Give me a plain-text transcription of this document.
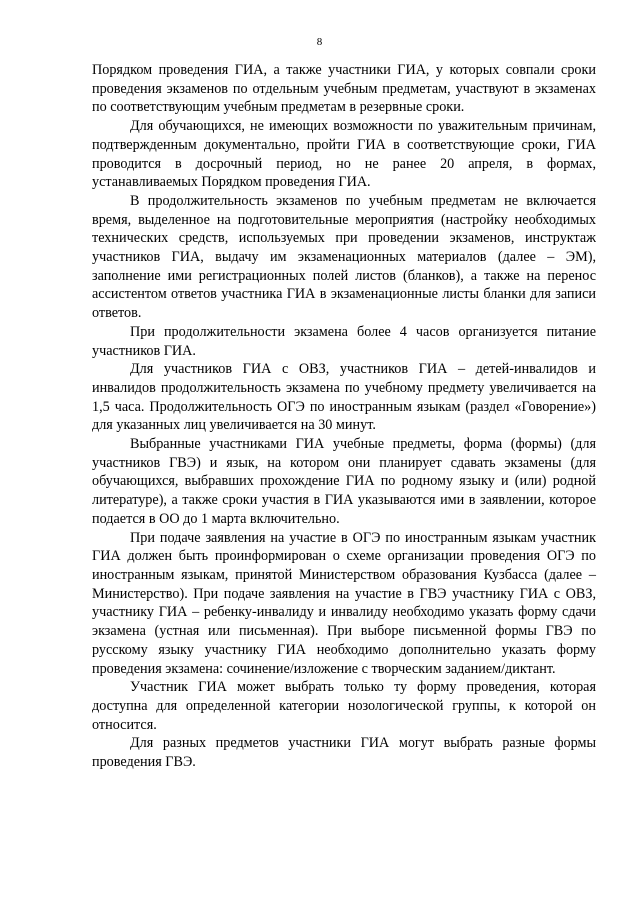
8

Порядком проведения ГИА, а также участники ГИА, у которых совпали сроки проведения экзаменов по отдельным учебным предметам, участвуют в экзаменах по соответствующим учебным предметам в резервные сроки.

Для обучающихся, не имеющих возможности по уважительным причинам, подтвержденным документально, пройти ГИА в соответствующие сроки, ГИА проводится в досрочный период, но не ранее 20 апреля, в формах, устанавливаемых Порядком проведения ГИА.

В продолжительность экзаменов по учебным предметам не включается время, выделенное на подготовительные мероприятия (настройку необходимых технических средств, используемых при проведении экзаменов, инструктаж участников ГИА, выдачу им экзаменационных материалов (далее – ЭМ), заполнение ими регистрационных полей листов (бланков), а также на перенос ассистентом ответов участника ГИА в экзаменационные листы бланки для записи ответов.

При продолжительности экзамена более 4 часов организуется питание участников ГИА.

Для участников ГИА с ОВЗ, участников ГИА – детей-инвалидов и инвалидов продолжительность экзамена по учебному предмету увеличивается на 1,5 часа. Продолжительность ОГЭ по иностранным языкам (раздел «Говорение») для указанных лиц увеличивается на 30 минут.

Выбранные участниками ГИА учебные предметы, форма (формы) (для участников ГВЭ) и язык, на котором они планирует сдавать экзамены (для обучающихся, выбравших прохождение ГИА по родному языку и (или) родной литературе), а также сроки участия в ГИА указываются ими в заявлении, которое подается в ОО до 1 марта включительно.

При подаче заявления на участие в ОГЭ по иностранным языкам участник ГИА должен быть проинформирован о схеме организации проведения ОГЭ по иностранным языкам, принятой Министерством образования Кузбасса (далее – Министерство). При подаче заявления на участие в ГВЭ участнику ГИА с ОВЗ, участнику ГИА – ребенку-инвалиду и инвалиду необходимо указать форму сдачи экзамена (устная или письменная). При выборе письменной формы ГВЭ по русскому языку участнику ГИА необходимо дополнительно указать форму проведения экзамена: сочинение/изложение с творческим заданием/диктант.

Участник ГИА может выбрать только ту форму проведения, которая доступна для определенной категории нозологической группы, к которой он относится.

Для разных предметов участники ГИА могут выбрать разные формы проведения ГВЭ.
